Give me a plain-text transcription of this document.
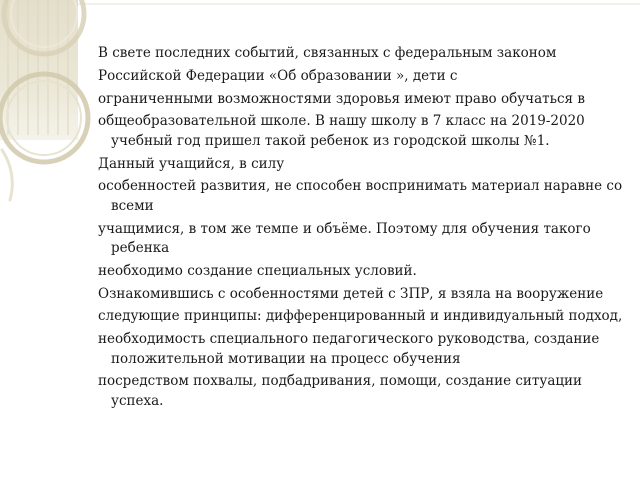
В свете последних событий, связанных с федеральным законом

Российской Федерации «Об образовании », дети с

ограниченными возможностями здоровья имеют право обучаться в

общеобразовательной школе. В нашу школу в 7 класс на 2019-2020 учебный год пришел такой ребенок из городской школы №1.

Данный учащийся, в силу

особенностей развития, не способен воспринимать материал наравне со всеми

учащимися, в том же темпе и объёме. Поэтому для обучения такого ребенка

необходимо создание специальных условий.

Ознакомившись с особенностями детей с ЗПР, я взяла на вооружение

следующие принципы: дифференцированный и индивидуальный подход,

необходимость специального педагогического руководства, создание положительной мотивации на процесс обучения

посредством похвалы, подбадривания, помощи, создание ситуации успеха.
